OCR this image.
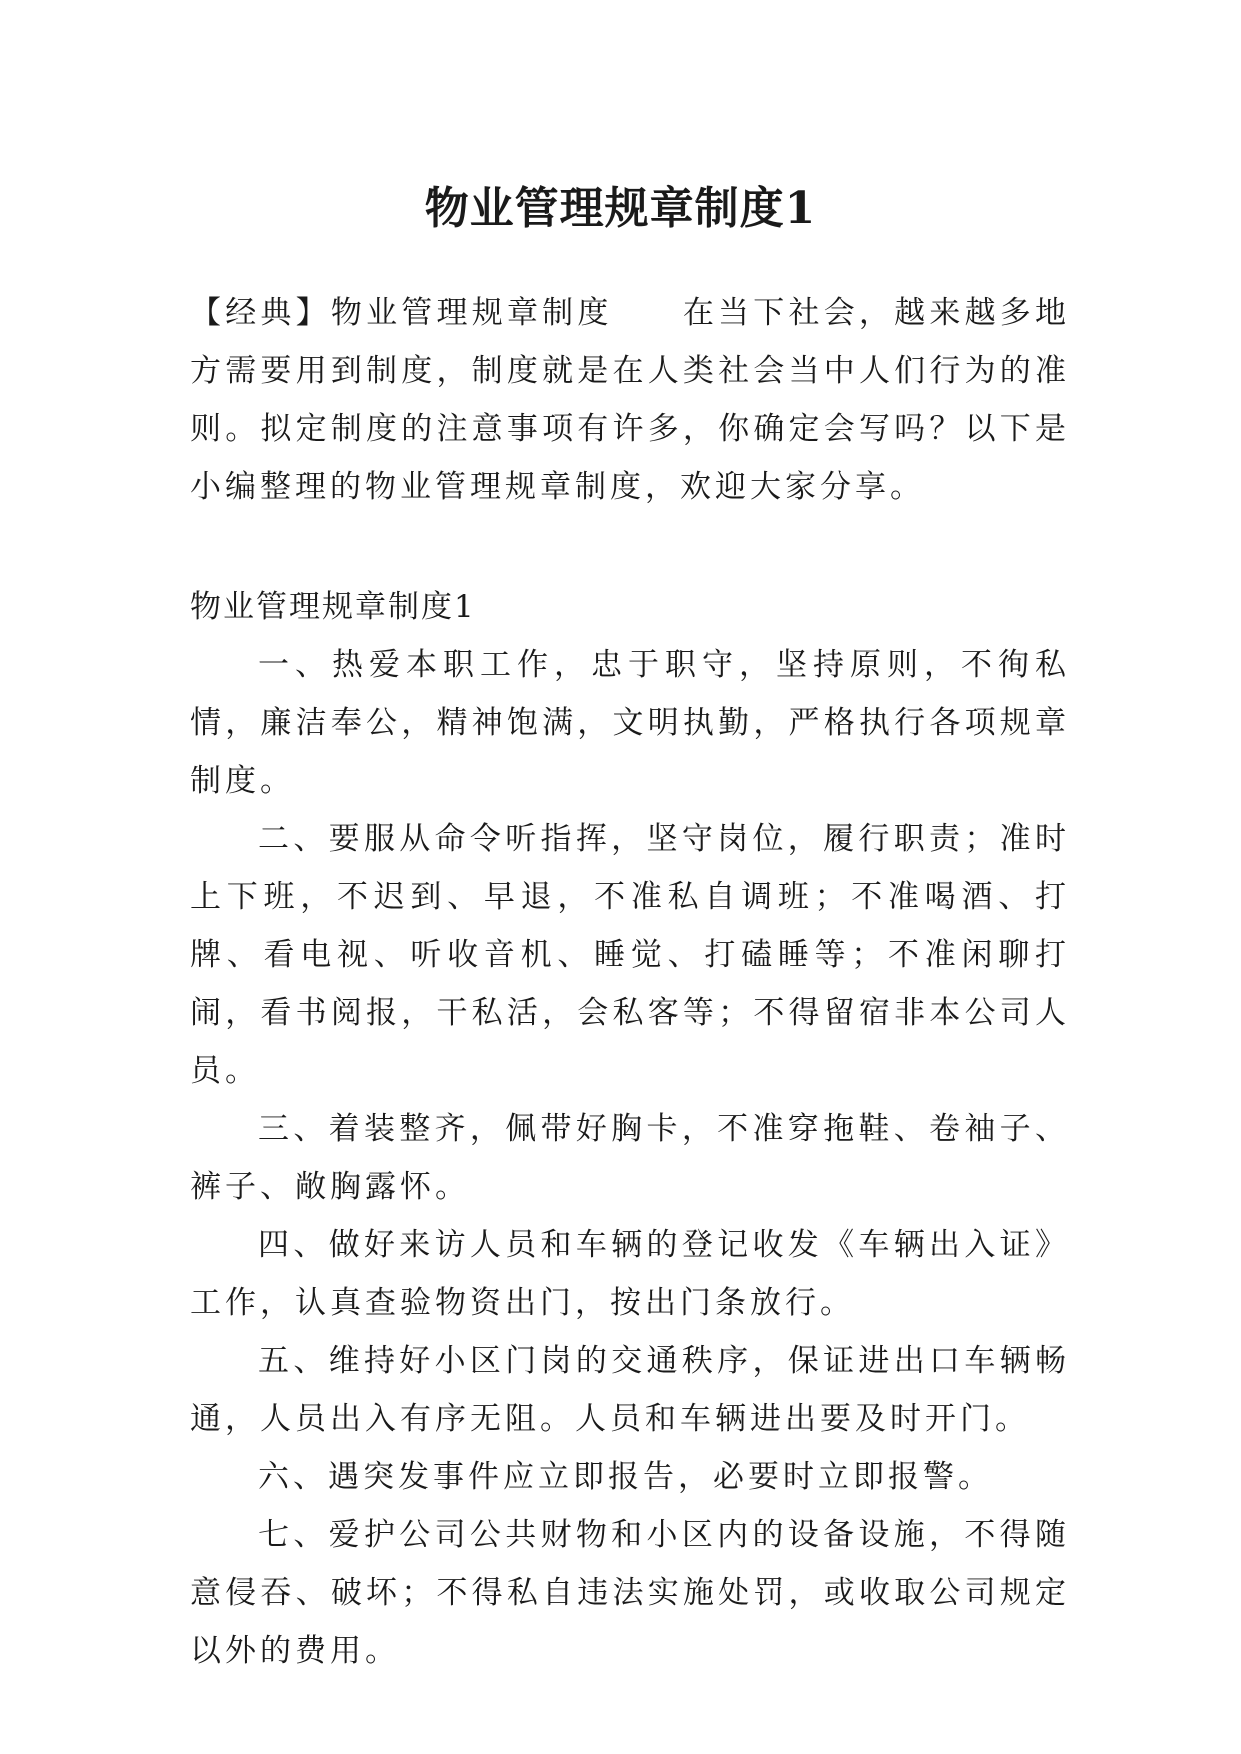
物业管理规章制度1

【经典】物业管理规章制度 在当下社会，越来越多地方需要用到制度，制度就是在人类社会当中人们行为的准则。拟定制度的注意事项有许多，你确定会写吗？以下是小编整理的物业管理规章制度，欢迎大家分享。

物业管理规章制度1

一、热爱本职工作，忠于职守，坚持原则，不徇私情，廉洁奉公，精神饱满，文明执勤，严格执行各项规章制度。
二、要服从命令听指挥，坚守岗位，履行职责；准时上下班，不迟到、早退，不准私自调班；不准喝酒、打牌、看电视、听收音机、睡觉、打磕睡等；不准闲聊打闹，看书阅报，干私活，会私客等；不得留宿非本公司人员。
三、着装整齐，佩带好胸卡，不准穿拖鞋、卷袖子、裤子、敞胸露怀。
四、做好来访人员和车辆的登记收发《车辆出入证》工作，认真查验物资出门，按出门条放行。
五、维持好小区门岗的交通秩序，保证进出口车辆畅通，人员出入有序无阻。人员和车辆进出要及时开门。
六、遇突发事件应立即报告，必要时立即报警。
七、爱护公司公共财物和小区内的设备设施，不得随意侵吞、破坏；不得私自违法实施处罚，或收取公司规定以外的费用。
